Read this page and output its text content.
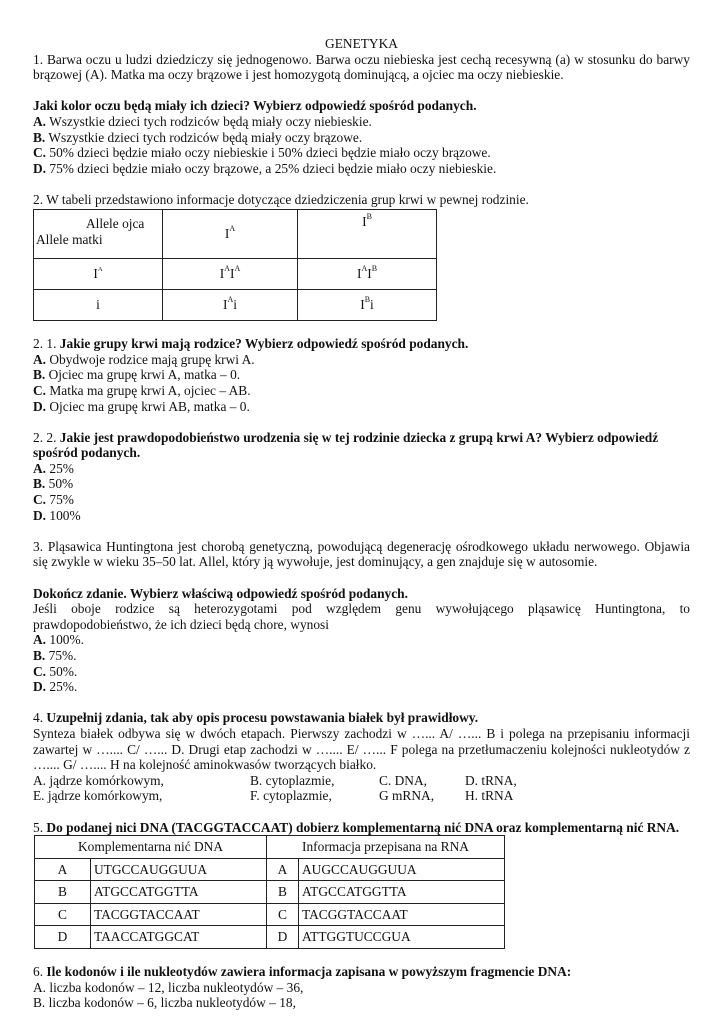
GENETYKA

1. Barwa oczu u ludzi dziedziczy się jednogenowo. Barwa oczu niebieska jest cechą recesywną (a) w stosunku do barwy brązowej (A). Matka ma oczy brązowe i jest homozygotą dominującą, a ojciec ma oczy niebieskie.

Jaki kolor oczu będą miały ich dzieci? Wybierz odpowiedź spośród podanych.

A. Wszystkie dzieci tych rodziców będą miały oczy niebieskie.

B. Wszystkie dzieci tych rodziców będą miały oczy brązowe.

C. 50% dzieci będzie miało oczy niebieskie i 50% dzieci będzie miało oczy brązowe.

D. 75% dzieci będzie miało oczy brązowe, a 25% dzieci będzie miało oczy niebieskie.

2. W tabeli przedstawiono informacje dotyczące dziedziczenia grup krwi w pewnej rodzinie.

Allele ojca
Allele matki	$I^A$	$I^B$
$I^A$	$I^AI^A$	$I^AI^B$
i	$I^Ai$	$I^Bi$

2. 1. Jakie grupy krwi mają rodzice? Wybierz odpowiedź spośród podanych.

A. Obydwoje rodzice mają grupę krwi A.

B. Ojciec ma grupę krwi A, matka – 0.

C. Matka ma grupę krwi A, ojciec – AB.

D. Ojciec ma grupę krwi AB, matka – 0.

2. 2. Jakie jest prawdopodobieństwo urodzenia się w tej rodzinie dziecka z grupą krwi A? Wybierz odpowiedź spośród podanych.

A. 25%

B. 50%

C. 75%

D. 100%

3. Pląsawica Huntingtona jest chorobą genetyczną, powodującą degenerację ośrodkowego układu nerwowego. Objawia się zwykle w wieku 35–50 lat. Allel, który ją wywołuje, jest dominujący, a gen znajduje się w autosomie.

Dokończ zdanie. Wybierz właściwą odpowiedź spośród podanych.

Jeśli oboje rodzice są heterozygotami pod względem genu wywołującego pląsawicę Huntingtona, to prawdopodobieństwo, że ich dzieci będą chore, wynosi

A. 100%.

B. 75%.

C. 50%.

D. 25%.

4. Uzupełnij zdania, tak aby opis procesu powstawania białek był prawidłowy.

Synteza białek odbywa się w dwóch etapach. Pierwszy zachodzi w …... A/ …... B i polega na przepisaniu informacji zawartej w ….... C/ …... D. Drugi etap zachodzi w ….... E/ …... F polega na przetłumaczeniu kolejności nukleotydów z ….... G/ ….... H na kolejność aminokwasów tworzących białko.

A. jądrze komórkowym,	B. cytoplazmie,	C. DNA,	D. tRNA,
E. jądrze komórkowym,	F. cytoplazmie,	G mRNA, H. tRNA

5. Do podanej nici DNA (TACGGTACCAAT) dobierz komplementarną nić DNA oraz komplementarną nić RNA.

Komplementarna nić DNA		Informacja przepisana na RNA	
A	UTGCCAUGGUUA	A	AUGCCAUGGUUA
B	ATGCCATGGTTA	B	ATGCCATGGTTA
C	TACGGTACCAAT	C	TACGGTACCAAT
D	TAACCATGGCAT	D	ATTGGTUCCGUA

6. Ile kodonów i ile nukleotydów zawiera informacja zapisana w powyższym fragmencie DNA:

A. liczba kodonów – 12, liczba nukleotydów – 36,

B. liczba kodonów – 6, liczba nukleotydów – 18,
